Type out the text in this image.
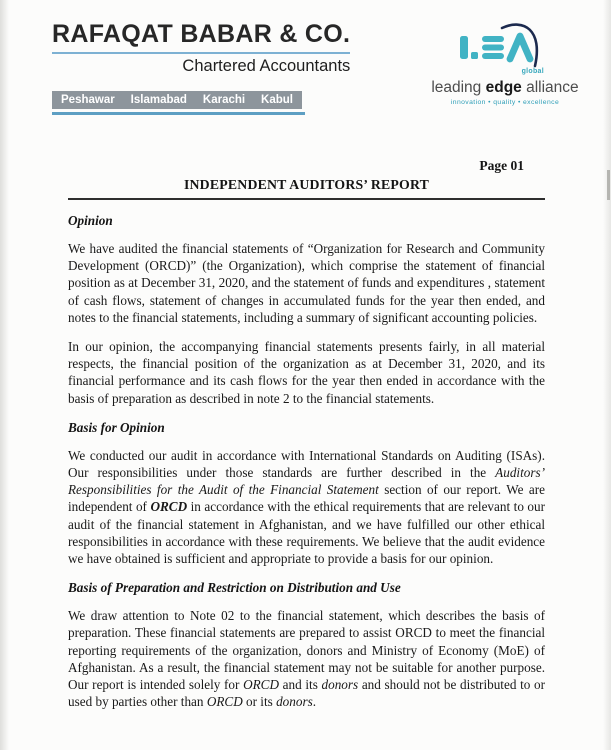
RAFAQAT BABAR & CO.
Chartered Accountants
Peshawar Islamabad Karachi Kabul
global
leading edge alliance
innovation • quality • excellence
Page 01
INDEPENDENT AUDITORS’ REPORT
Opinion

We have audited the financial statements of “Organization for Research and Community Development (ORCD)” (the Organization), which comprise the statement of financial position as at December 31, 2020, and the statement of funds and expenditures , statement of cash flows, statement of changes in accumulated funds for the year then ended, and notes to the financial statements, including a summary of significant accounting policies.

In our opinion, the accompanying financial statements presents fairly, in all material respects, the financial position of the organization as at December 31, 2020, and its financial performance and its cash flows for the year then ended in accordance with the basis of preparation as described in note 2 to the financial statements.

Basis for Opinion

We conducted our audit in accordance with International Standards on Auditing (ISAs). Our responsibilities under those standards are further described in the Auditors’ Responsibilities for the Audit of the Financial Statement section of our report. We are independent of ORCD in accordance with the ethical requirements that are relevant to our audit of the financial statement in Afghanistan, and we have fulfilled our other ethical responsibilities in accordance with these requirements. We believe that the audit evidence we have obtained is sufficient and appropriate to provide a basis for our opinion.

Basis of Preparation and Restriction on Distribution and Use

We draw attention to Note 02 to the financial statement, which describes the basis of preparation. These financial statements are prepared to assist ORCD to meet the financial reporting requirements of the organization, donors and Ministry of Economy (MoE) of Afghanistan. As a result, the financial statement may not be suitable for another purpose. Our report is intended solely for ORCD and its donors and should not be distributed to or used by parties other than ORCD or its donors.
